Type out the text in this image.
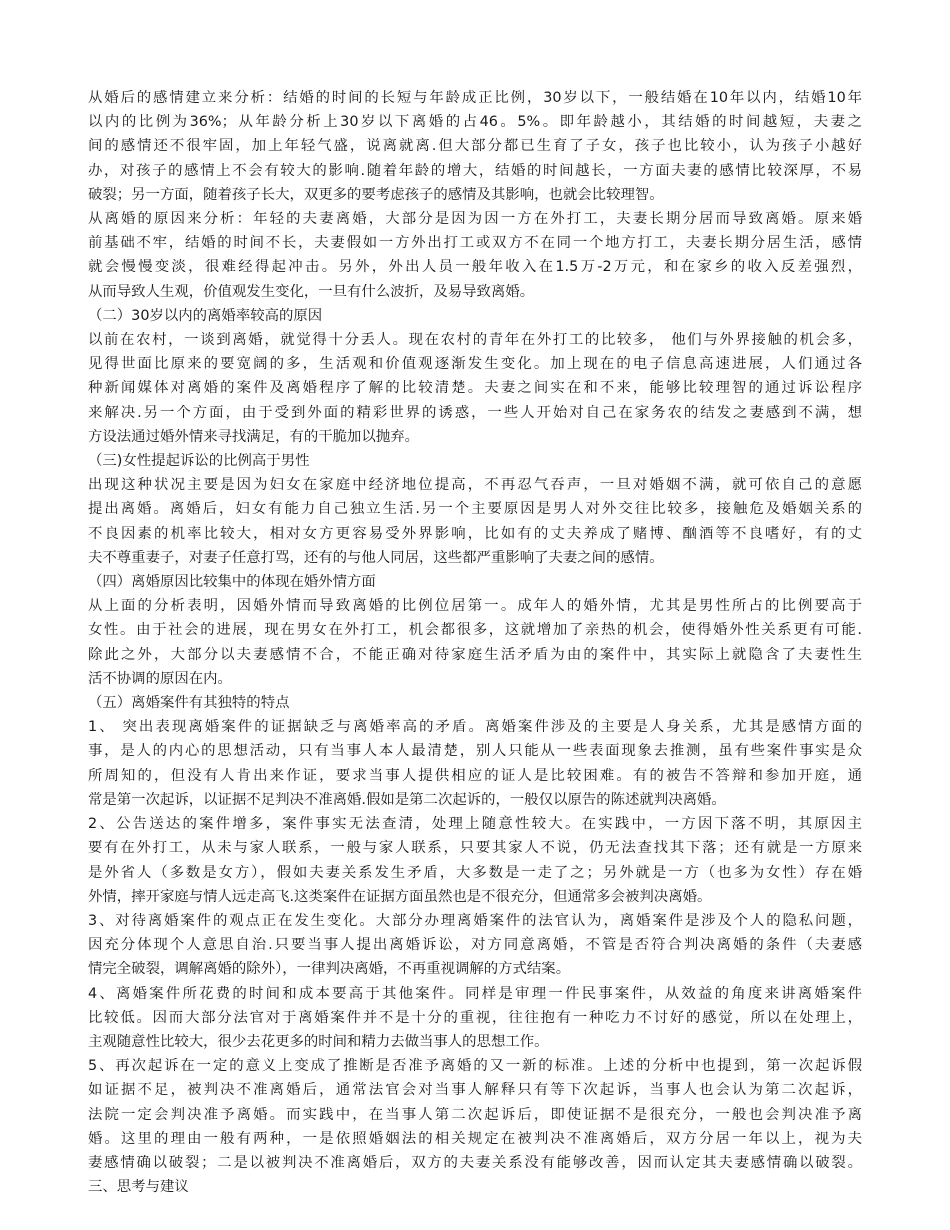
从婚后的感情建立来分析：结婚的时间的长短与年龄成正比例，30岁以下，一般结婚在10年以内，结婚10年
以内的比例为36%；从年龄分析上30岁以下离婚的占46。5%。即年龄越小，其结婚的时间越短，夫妻之
间的感情还不很牢固，加上年轻气盛，说离就离.但大部分都已生育了子女，孩子也比较小，认为孩子小越好
办，对孩子的感情上不会有较大的影响.随着年龄的增大，结婚的时间越长，一方面夫妻的感情比较深厚，不易
破裂；另一方面，随着孩子长大，双更多的要考虑孩子的感情及其影响，也就会比较理智。
从离婚的原因来分析：年轻的夫妻离婚，大部分是因为因一方在外打工，夫妻长期分居而导致离婚。原来婚
前基础不牢，结婚的时间不长，夫妻假如一方外出打工或双方不在同一个地方打工，夫妻长期分居生活，感情
就会慢慢变淡，很难经得起冲击。另外，外出人员一般年收入在1.5万-2万元，和在家乡的收入反差强烈，
从而导致人生观，价值观发生变化，一旦有什么波折，及易导致离婚。
（二）30岁以内的离婚率较高的原因
以前在农村，一谈到离婚，就觉得十分丢人。现在农村的青年在外打工的比较多， 他们与外界接触的机会多，
见得世面比原来的要宽阔的多，生活观和价值观逐渐发生变化。加上现在的电子信息高速进展，人们通过各
种新闻媒体对离婚的案件及离婚程序了解的比较清楚。夫妻之间实在和不来，能够比较理智的通过诉讼程序
来解决.另一个方面，由于受到外面的精彩世界的诱惑，一些人开始对自己在家务农的结发之妻感到不满，想
方设法通过婚外情来寻找满足，有的干脆加以抛弃。
（三)女性提起诉讼的比例高于男性
出现这种状况主要是因为妇女在家庭中经济地位提高，不再忍气吞声，一旦对婚姻不满，就可依自己的意愿
提出离婚。离婚后，妇女有能力自己独立生活.另一个主要原因是男人对外交往比较多，接触危及婚姻关系的
不良因素的机率比较大，相对女方更容易受外界影响，比如有的丈夫养成了赌博、酗酒等不良嗜好，有的丈
夫不尊重妻子，对妻子任意打骂，还有的与他人同居，这些都严重影响了夫妻之间的感情。
（四）离婚原因比较集中的体现在婚外情方面
从上面的分析表明，因婚外情而导致离婚的比例位居第一。成年人的婚外情，尤其是男性所占的比例要高于
女性。由于社会的进展，现在男女在外打工，机会都很多，这就增加了亲热的机会，使得婚外性关系更有可能.
除此之外，大部分以夫妻感情不合，不能正确对待家庭生活矛盾为由的案件中，其实际上就隐含了夫妻性生
活不协调的原因在内。
（五）离婚案件有其独特的特点
1、 突出表现离婚案件的证据缺乏与离婚率高的矛盾。离婚案件涉及的主要是人身关系，尤其是感情方面的
事，是人的内心的思想活动，只有当事人本人最清楚，别人只能从一些表面现象去推测，虽有些案件事实是众
所周知的，但没有人肯出来作证，要求当事人提供相应的证人是比较困难。有的被告不答辩和参加开庭，通
常是第一次起诉，以证据不足判决不准离婚.假如是第二次起诉的，一般仅以原告的陈述就判决离婚。
2、公告送达的案件增多，案件事实无法查清，处理上随意性较大。在实践中，一方因下落不明，其原因主
要有在外打工，从未与家人联系，一般与家人联系，只要其家人不说，仍无法查找其下落；还有就是一方原来
是外省人（多数是女方），假如夫妻关系发生矛盾，大多数是一走了之；另外就是一方（也多为女性）存在婚
外情，摔开家庭与情人远走高飞.这类案件在证据方面虽然也是不很充分，但通常多会被判决离婚。
3、对待离婚案件的观点正在发生变化。大部分办理离婚案件的法官认为，离婚案件是涉及个人的隐私问题，
因充分体现个人意思自治.只要当事人提出离婚诉讼，对方同意离婚，不管是否符合判决离婚的条件（夫妻感
情完全破裂，调解离婚的除外），一律判决离婚，不再重视调解的方式结案。
4、离婚案件所花费的时间和成本要高于其他案件。同样是审理一件民事案件，从效益的角度来讲离婚案件
比较低。因而大部分法官对于离婚案件并不是十分的重视，往往抱有一种吃力不讨好的感觉，所以在处理上，
主观随意性比较大，很少去花更多的时间和精力去做当事人的思想工作。
5、再次起诉在一定的意义上变成了推断是否准予离婚的又一新的标准。上述的分析中也提到，第一次起诉假
如证据不足，被判决不准离婚后，通常法官会对当事人解释只有等下次起诉，当事人也会认为第二次起诉，
法院一定会判决准予离婚。而实践中，在当事人第二次起诉后，即使证据不是很充分，一般也会判决准予离
婚。这里的理由一般有两种，一是依照婚姻法的相关规定在被判决不准离婚后，双方分居一年以上，视为夫
妻感情确以破裂；二是以被判决不准离婚后，双方的夫妻关系没有能够改善，因而认定其夫妻感情确以破裂。
三、思考与建议
